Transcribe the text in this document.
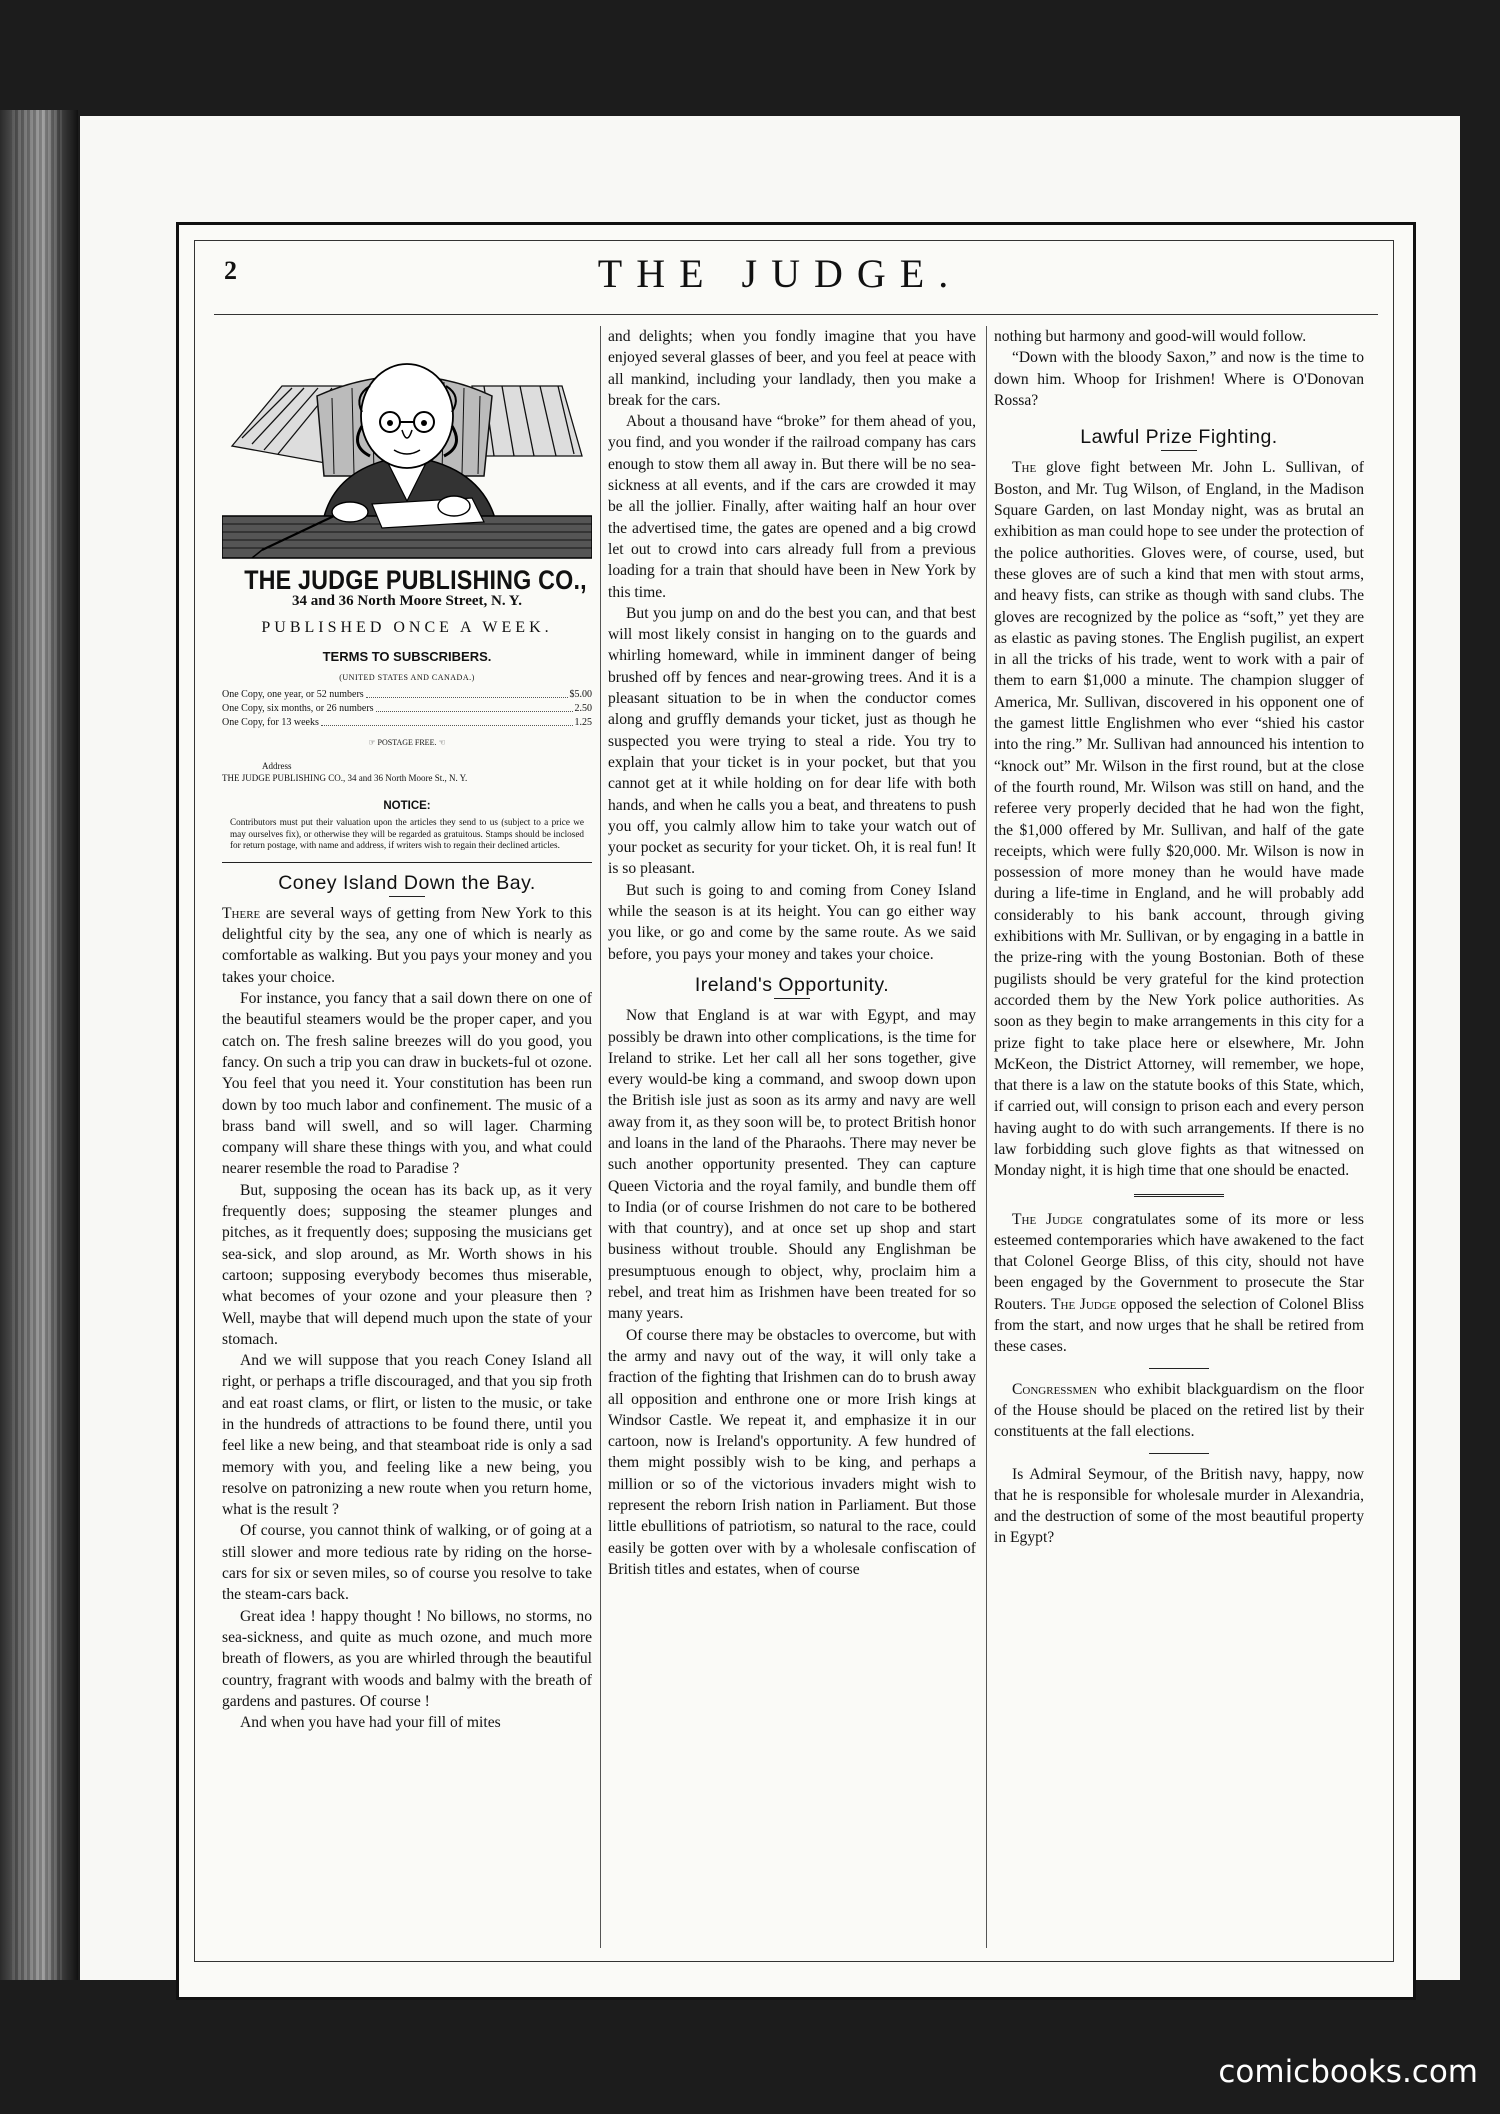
2	THE JUDGE.
THE JUDGE PUBLISHING CO.,
34 and 36 North Moore Street, N. Y.
PUBLISHED ONCE A WEEK.
TERMS TO SUBSCRIBERS.
(UNITED STATES AND CANADA.)
One Copy, one year, or 52 numbers	$5.00
One Copy, six months, or 26 numbers	2.50
One Copy, for 13 weeks	1.25
☞ POSTAGE FREE. ☜
Address
THE JUDGE PUBLISHING CO., 34 and 36 North Moore St., N. Y.
NOTICE:
Contributors must put their valuation upon the articles they send to us (subject to a price we may ourselves fix), or otherwise they will be regarded as gratuitous. Stamps should be inclosed for return postage, with name and address, if writers wish to regain their declined articles.
Coney Island Down the Bay.

There are several ways of getting from New York to this delightful city by the sea, any one of which is nearly as comfortable as walking. But you pays your money and you takes your choice.

For instance, you fancy that a sail down there on one of the beautiful steamers would be the proper caper, and you catch on. The fresh saline breezes will do you good, you fancy. On such a trip you can draw in buckets-ful ot ozone. You feel that you need it. Your constitution has been run down by too much labor and confinement. The music of a brass band will swell, and so will lager. Charming company will share these things with you, and what could nearer resemble the road to Paradise ?

But, supposing the ocean has its back up, as it very frequently does; supposing the steamer plunges and pitches, as it frequently does; supposing the musicians get sea-sick, and slop around, as Mr. Worth shows in his cartoon; supposing everybody becomes thus miserable, what becomes of your ozone and your pleasure then ? Well, maybe that will depend much upon the state of your stomach.

And we will suppose that you reach Coney Island all right, or perhaps a trifle discouraged, and that you sip froth and eat roast clams, or flirt, or listen to the music, or take in the hundreds of attractions to be found there, until you feel like a new being, and that steamboat ride is only a sad memory with you, and feeling like a new being, you resolve on patronizing a new route when you return home, what is the result ?

Of course, you cannot think of walking, or of going at a still slower and more tedious rate by riding on the horse-cars for six or seven miles, so of course you resolve to take the steam-cars back.

Great idea ! happy thought ! No billows, no storms, no sea-sickness, and quite as much ozone, and much more breath of flowers, as you are whirled through the beautiful country, fragrant with woods and balmy with the breath of gardens and pastures. Of course !

And when you have had your fill of mites

and delights; when you fondly imagine that you have enjoyed several glasses of beer, and you feel at peace with all mankind, including your landlady, then you make a break for the cars.

About a thousand have “broke” for them ahead of you, you find, and you wonder if the railroad company has cars enough to stow them all away in. But there will be no sea-sickness at all events, and if the cars are crowded it may be all the jollier. Finally, after waiting half an hour over the advertised time, the gates are opened and a big crowd let out to crowd into cars already full from a previous loading for a train that should have been in New York by this time.

But you jump on and do the best you can, and that best will most likely consist in hanging on to the guards and whirling homeward, while in imminent danger of being brushed off by fences and near-growing trees. And it is a pleasant situation to be in when the conductor comes along and gruffly demands your ticket, just as though he suspected you were trying to steal a ride. You try to explain that your ticket is in your pocket, but that you cannot get at it while holding on for dear life with both hands, and when he calls you a beat, and threatens to push you off, you calmly allow him to take your watch out of your pocket as security for your ticket. Oh, it is real fun! It is so pleasant.

But such is going to and coming from Coney Island while the season is at its height. You can go either way you like, or go and come by the same route. As we said before, you pays your money and takes your choice.

Ireland's Opportunity.

Now that England is at war with Egypt, and may possibly be drawn into other complications, is the time for Ireland to strike. Let her call all her sons together, give every would-be king a command, and swoop down upon the British isle just as soon as its army and navy are well away from it, as they soon will be, to protect British honor and loans in the land of the Pharaohs. There may never be such another opportunity presented. They can capture Queen Victoria and the royal family, and bundle them off to India (or of course Irishmen do not care to be bothered with that country), and at once set up shop and start business without trouble. Should any Englishman be presumptuous enough to object, why, proclaim him a rebel, and treat him as Irishmen have been treated for so many years.

Of course there may be obstacles to overcome, but with the army and navy out of the way, it will only take a fraction of the fighting that Irishmen can do to brush away all opposition and enthrone one or more Irish kings at Windsor Castle. We repeat it, and emphasize it in our cartoon, now is Ireland's opportunity. A few hundred of them might possibly wish to be king, and perhaps a million or so of the victorious invaders might wish to represent the reborn Irish nation in Parliament. But those little ebullitions of patriotism, so natural to the race, could easily be gotten over with by a wholesale confiscation of British titles and estates, when of course

nothing but harmony and good-will would follow.

“Down with the bloody Saxon,” and now is the time to down him. Whoop for Irishmen! Where is O'Donovan Rossa?

Lawful Prize Fighting.

The glove fight between Mr. John L. Sullivan, of Boston, and Mr. Tug Wilson, of England, in the Madison Square Garden, on last Monday night, was as brutal an exhibition as man could hope to see under the protection of the police authorities. Gloves were, of course, used, but these gloves are of such a kind that men with stout arms, and heavy fists, can strike as though with sand clubs. The gloves are recognized by the police as “soft,” yet they are as elastic as paving stones. The English pugilist, an expert in all the tricks of his trade, went to work with a pair of them to earn $1,000 a minute. The champion slugger of America, Mr. Sullivan, discovered in his opponent one of the gamest little Englishmen who ever “shied his castor into the ring.” Mr. Sullivan had announced his intention to “knock out” Mr. Wilson in the first round, but at the close of the fourth round, Mr. Wilson was still on hand, and the referee very properly decided that he had won the fight, the $1,000 offered by Mr. Sullivan, and half of the gate receipts, which were fully $20,000. Mr. Wilson is now in possession of more money than he would have made during a life-time in England, and he will probably add considerably to his bank account, through giving exhibitions with Mr. Sullivan, or by engaging in a battle in the prize-ring with the young Bostonian. Both of these pugilists should be very grateful for the kind protection accorded them by the New York police authorities. As soon as they begin to make arrangements in this city for a prize fight to take place here or elsewhere, Mr. John McKeon, the District Attorney, will remember, we hope, that there is a law on the statute books of this State, which, if carried out, will consign to prison each and every person having aught to do with such arrangements. If there is no law forbidding such glove fights as that witnessed on Monday night, it is high time that one should be enacted.

The Judge congratulates some of its more or less esteemed contemporaries which have awakened to the fact that Colonel George Bliss, of this city, should not have been engaged by the Government to prosecute the Star Routers. The Judge opposed the selection of Colonel Bliss from the start, and now urges that he shall be retired from these cases.

Congressmen who exhibit blackguardism on the floor of the House should be placed on the retired list by their constituents at the fall elections.

Is Admiral Seymour, of the British navy, happy, now that he is responsible for wholesale murder in Alexandria, and the destruction of some of the most beautiful property in Egypt?

comicbooks.com
